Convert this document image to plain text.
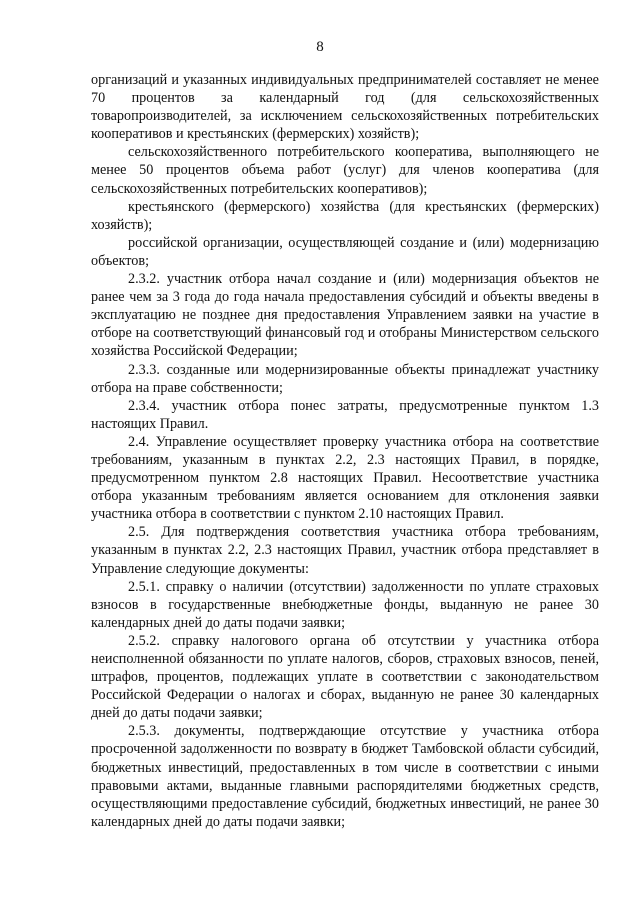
8

организаций и указанных индивидуальных предпринимателей составляет не менее 70 процентов за календарный год (для сельскохозяйственных товаропроизводителей, за исключением сельскохозяйственных потребительских кооперативов и крестьянских (фермерских) хозяйств);

сельскохозяйственного потребительского кооператива, выполняющего не менее 50 процентов объема работ (услуг) для членов кооператива (для сельскохозяйственных потребительских кооперативов);

крестьянского (фермерского) хозяйства (для крестьянских (фермерских) хозяйств);

российской организации, осуществляющей создание и (или) модернизацию объектов;

2.3.2. участник отбора начал создание и (или) модернизация объектов не ранее чем за 3 года до года начала предоставления субсидий и объекты введены в эксплуатацию не позднее дня предоставления Управлением заявки на участие в отборе на соответствующий финансовый год и отобраны Министерством сельского хозяйства Российской Федерации;

2.3.3. созданные или модернизированные объекты принадлежат участнику отбора на праве собственности;

2.3.4. участник отбора понес затраты, предусмотренные пунктом 1.3 настоящих Правил.

2.4. Управление осуществляет проверку участника отбора на соответствие требованиям, указанным в пунктах 2.2, 2.3 настоящих Правил, в порядке, предусмотренном пунктом 2.8 настоящих Правил. Несоответствие участника отбора указанным требованиям является основанием для отклонения заявки участника отбора в соответствии с пунктом 2.10 настоящих Правил.

2.5. Для подтверждения соответствия участника отбора требованиям, указанным в пунктах 2.2, 2.3 настоящих Правил, участник отбора представляет в Управление следующие документы:

2.5.1. справку о наличии (отсутствии) задолженности по уплате страховых взносов в государственные внебюджетные фонды, выданную не ранее 30 календарных дней до даты подачи заявки;

2.5.2. справку налогового органа об отсутствии у участника отбора неисполненной обязанности по уплате налогов, сборов, страховых взносов, пеней, штрафов, процентов, подлежащих уплате в соответствии с законодательством Российской Федерации о налогах и сборах, выданную не ранее 30 календарных дней до даты подачи заявки;

2.5.3. документы, подтверждающие отсутствие у участника отбора просроченной задолженности по возврату в бюджет Тамбовской области субсидий, бюджетных инвестиций, предоставленных в том числе в соответствии с иными правовыми актами, выданные главными распорядителями бюджетных средств, осуществляющими предоставление субсидий, бюджетных инвестиций, не ранее 30 календарных дней до даты подачи заявки;
